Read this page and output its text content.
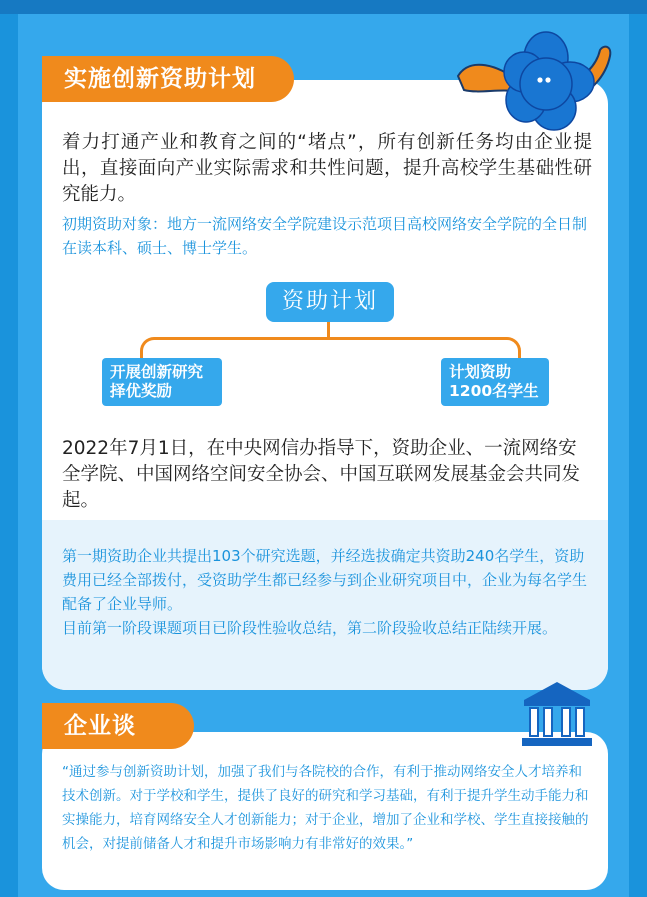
实施创新资助计划

着力打通产业和教育之间的“堵点”，所有创新任务均由企业提出，直接面向产业实际需求和共性问题，提升高校学生基础性研究能力。

初期资助对象：地方一流网络安全学院建设示范项目高校网络安全学院的全日制在读本科、硕士、博士学生。

资助计划
开展创新研究
择优奖励
计划资助
1200名学生

2022年7月1日，在中央网信办指导下，资助企业、一流网络安全学院、中国网络空间安全协会、中国互联网发展基金会共同发起。

第一期资助企业共提出103个研究选题，并经选拔确定共资助240名学生，资助费用已经全部拨付，受资助学生都已经参与到企业研究项目中，企业为每名学生配备了企业导师。
目前第一阶段课题项目已阶段性验收总结，第二阶段验收总结正陆续开展。
企业谈

“通过参与创新资助计划，加强了我们与各院校的合作，有利于推动网络安全人才培养和技术创新。对于学校和学生，提供了良好的研究和学习基础，有利于提升学生动手能力和实操能力，培育网络安全人才创新能力；对于企业，增加了企业和学校、学生直接接触的机会，对提前储备人才和提升市场影响力有非常好的效果。”
